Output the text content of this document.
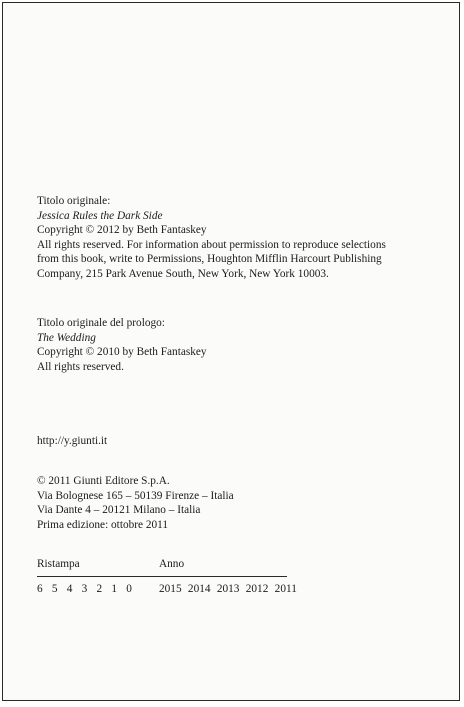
Titolo originale:
Jessica Rules the Dark Side
Copyright © 2012 by Beth Fantaskey
All rights reserved. For information about permission to reproduce selections
from this book, write to Permissions, Houghton Mifflin Harcourt Publishing
Company, 215 Park Avenue South, New York, New York 10003.
Titolo originale del prologo:
The Wedding
Copyright © 2010 by Beth Fantaskey
All rights reserved.
http://y.giunti.it
© 2011 Giunti Editore S.p.A.
Via Bolognese 165 – 50139 Firenze – Italia
Via Dante 4 – 20121 Milano – Italia
Prima edizione: ottobre 2011
Ristampa	Anno
6 5 4 3 2 1 0 2015 2014 2013 2012 2011
